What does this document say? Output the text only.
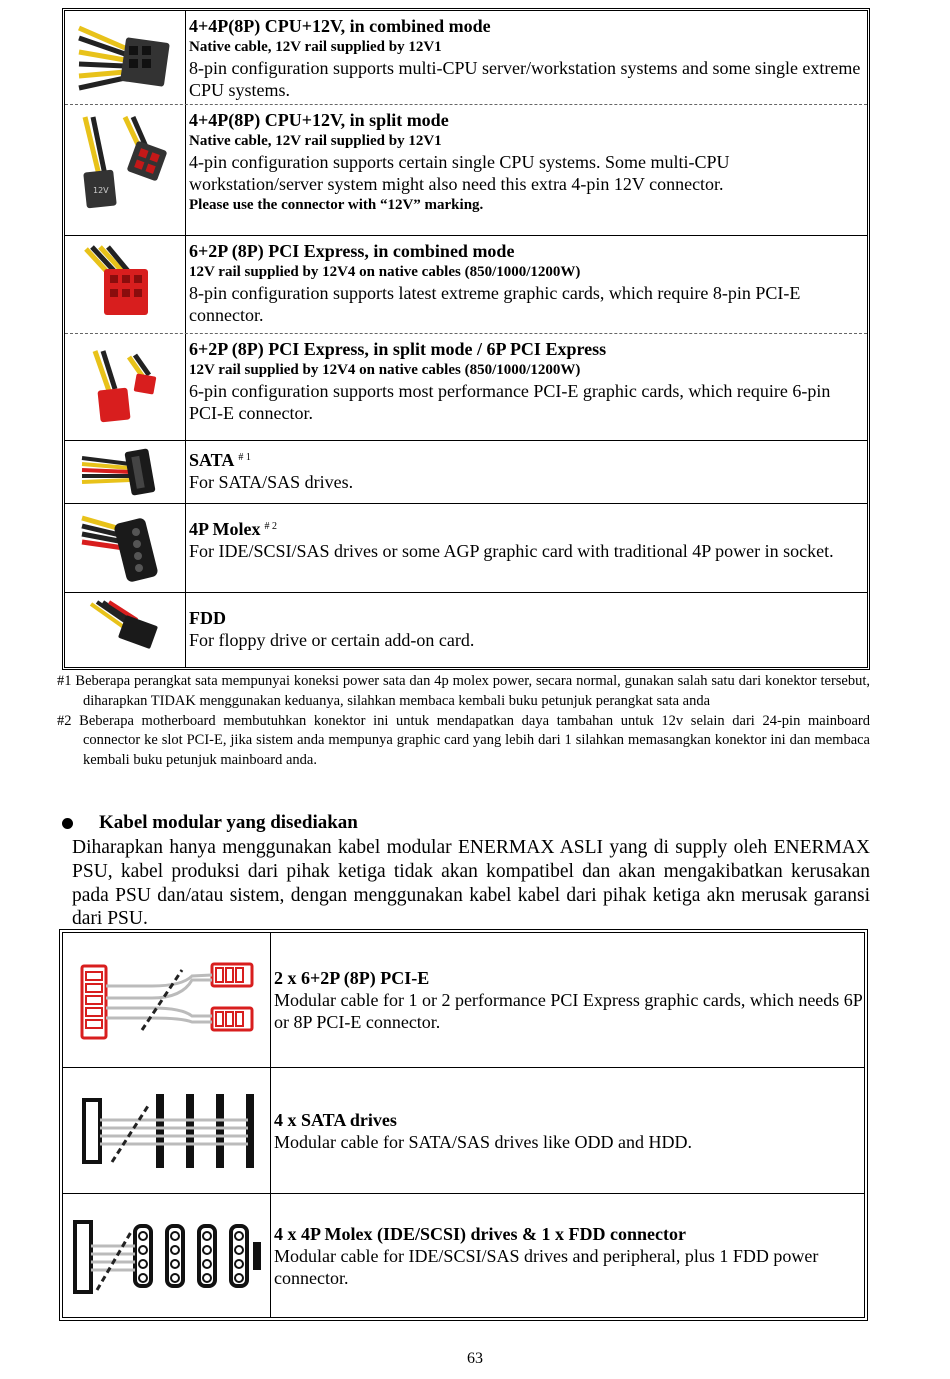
4+4P(8P) CPU+12V, in combined mode
Native cable, 12V rail supplied by 12V1
8-pin configuration supports multi-CPU server/workstation systems and some single extreme CPU systems.
12V
4+4P(8P) CPU+12V, in split mode
Native cable, 12V rail supplied by 12V1
4-pin configuration supports certain single CPU systems. Some multi-CPU workstation/server system might also need this extra 4-pin 12V connector.
Please use the connector with “12V” marking.
6+2P (8P) PCI Express, in combined mode
12V rail supplied by 12V4 on native cables (850/1000/1200W)
8-pin configuration supports latest extreme graphic cards, which require 8-pin PCI-E connector.
6+2P (8P) PCI Express, in split mode / 6P PCI Express
12V rail supplied by 12V4 on native cables (850/1000/1200W)
6-pin configuration supports most performance PCI-E graphic cards, which require 6-pin PCI-E connector.
SATA $^{\# 1}$
For SATA/SAS drives.
4P Molex $^{\# 2}$
For IDE/SCSI/SAS drives or some AGP graphic card with traditional 4P power in socket.
FDD
For floppy drive or certain add-on card.
#1 Beberapa perangkat sata mempunyai koneksi power sata dan 4p molex power, secara normal, gunakan salah satu dari konektor tersebut, diharapkan TIDAK menggunakan keduanya, silahkan membaca kembali buku petunjuk perangkat sata anda
#2 Beberapa motherboard membutuhkan konektor ini untuk mendapatkan daya tambahan untuk 12v selain dari 24-pin mainboard connector ke slot PCI-E, jika sistem anda mempunya graphic card yang lebih dari 1 silahkan memasangkan konektor ini dan membaca kembali buku petunjuk mainboard anda.
Kabel modular yang disediakan
Diharapkan hanya menggunakan kabel modular ENERMAX ASLI yang di supply oleh ENERMAX PSU, kabel produksi dari pihak ketiga tidak akan kompatibel dan akan mengakibatkan kerusakan pada PSU dan/atau sistem, dengan menggunakan kabel kabel dari pihak ketiga akn merusak garansi dari PSU.
2 x 6+2P (8P) PCI-E
Modular cable for 1 or 2 performance PCI Express graphic cards, which needs 6P or 8P PCI-E connector.
4 x SATA drives
Modular cable for SATA/SAS drives like ODD and HDD.
4 x 4P Molex (IDE/SCSI) drives & 1 x FDD connector
Modular cable for IDE/SCSI/SAS drives and peripheral, plus 1 FDD power connector.
63
